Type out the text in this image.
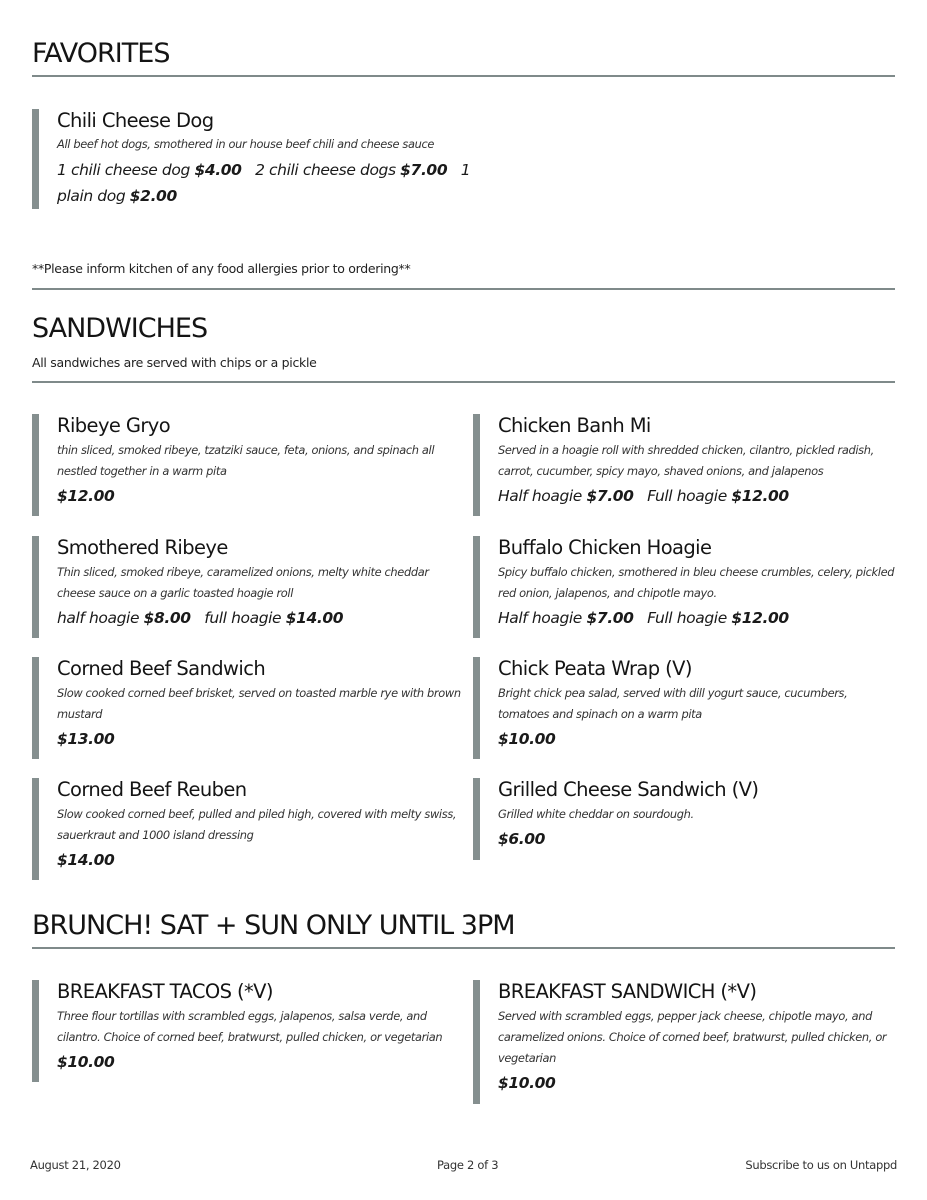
FAVORITES
Chili Cheese Dog
All beef hot dogs, smothered in our house beef chili and cheese sauce
1 chili cheese dog $4.00 2 chili cheese dogs $7.00 1 plain dog $2.00
**Please inform kitchen of any food allergies prior to ordering**
SANDWICHES
All sandwiches are served with chips or a pickle
Ribeye Gryo
thin sliced, smoked ribeye, tzatziki sauce, feta, onions, and spinach all nestled together in a warm pita
$12.00
Smothered Ribeye
Thin sliced, smoked ribeye, caramelized onions, melty white cheddar cheese sauce on a garlic toasted hoagie roll
half hoagie $8.00 full hoagie $14.00
Corned Beef Sandwich
Slow cooked corned beef brisket, served on toasted marble rye with brown mustard
$13.00
Corned Beef Reuben
Slow cooked corned beef, pulled and piled high, covered with melty swiss, sauerkraut and 1000 island dressing
$14.00
Chicken Banh Mi
Served in a hoagie roll with shredded chicken, cilantro, pickled radish, carrot, cucumber, spicy mayo, shaved onions, and jalapenos
Half hoagie $7.00 Full hoagie $12.00
Buffalo Chicken Hoagie
Spicy buffalo chicken, smothered in bleu cheese crumbles, celery, pickled red onion, jalapenos, and chipotle mayo.
Half hoagie $7.00 Full hoagie $12.00
Chick Peata Wrap (V)
Bright chick pea salad, served with dill yogurt sauce, cucumbers, tomatoes and spinach on a warm pita
$10.00
Grilled Cheese Sandwich (V)
Grilled white cheddar on sourdough.
$6.00
BRUNCH! SAT + SUN ONLY UNTIL 3PM
BREAKFAST TACOS (*V)
Three flour tortillas with scrambled eggs, jalapenos, salsa verde, and cilantro. Choice of corned beef, bratwurst, pulled chicken, or vegetarian
$10.00
BREAKFAST SANDWICH (*V)
Served with scrambled eggs, pepper jack cheese, chipotle mayo, and caramelized onions. Choice of corned beef, bratwurst, pulled chicken, or vegetarian
$10.00
August 21, 2020	Page 2 of 3	Subscribe to us on Untappd
